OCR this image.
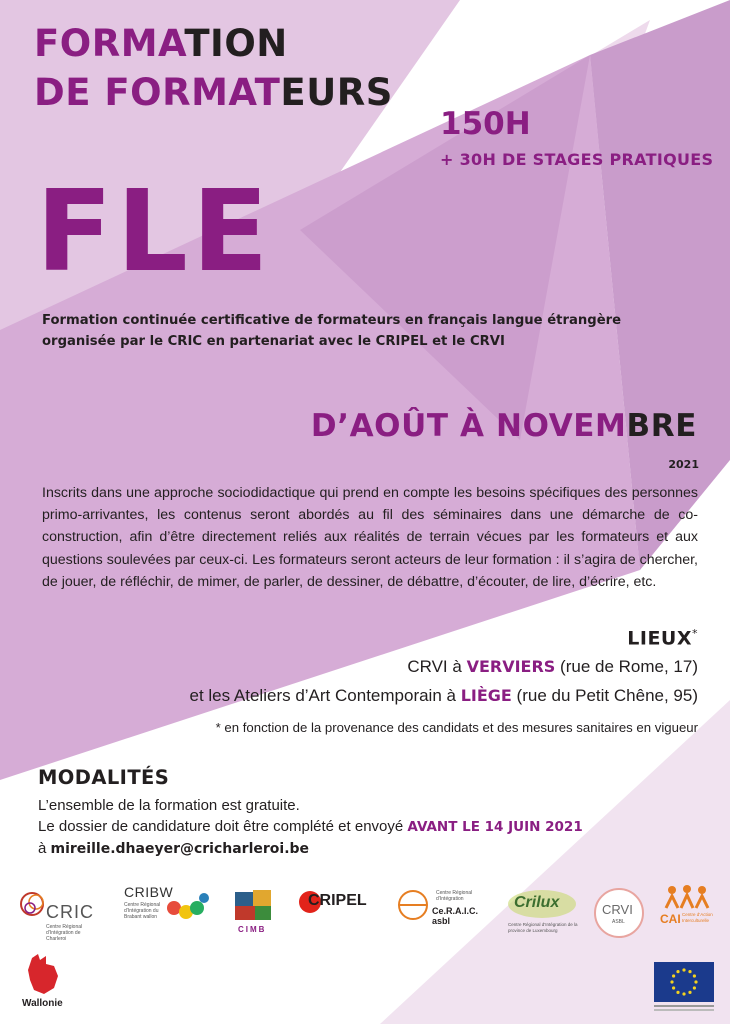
FORMATION
DE FORMATEURS
150H
+ 30H DE STAGES PRATIQUES
FLE
Formation continuée certificative de formateurs en français langue étrangère
organisée par le CRIC en partenariat avec le CRIPEL et le CRVI
D’AOÛT À NOVEMBRE
2021
Inscrits dans une approche sociodidactique qui prend en compte les besoins spécifiques des personnes primo-arrivantes, les contenus seront abordés au fil des séminaires dans une démarche de co-construction, afin d’être directement reliés aux réalités de terrain vécues par les formateurs et aux questions soulevées par ceux-ci. Les formateurs seront acteurs de leur formation : il s’agira de chercher, de jouer, de réfléchir, de mimer, de parler, de dessiner, de débattre, d’écouter, de lire, d’écrire, etc.
LIEUX*
CRVI à VERVIERS (rue de Rome, 17)
et les Ateliers d’Art Contemporain à LIÈGE (rue du Petit Chêne, 95)
* en fonction de la provenance des candidats et des mesures sanitaires en vigueur
MODALITÉS
L’ensemble de la formation est gratuite.
Le dossier de candidature doit être complété et envoyé AVANT LE 14 JUIN 2021
à mireille.dhaeyer@cricharleroi.be
CRIC
Centre Régional d’Intégration de Charleroi
CRIBW
Centre Régional d’Intégration du Brabant wallon
CIMB
CRIPEL	Centre Régional d’Intégration
Ce.R.A.I.C. asbl
Crilux
Centre Régional d’Intégration de la province de Luxembourg
CRVI
ASBL	CAI Centre d’Action Interculturelle
Wallonie
